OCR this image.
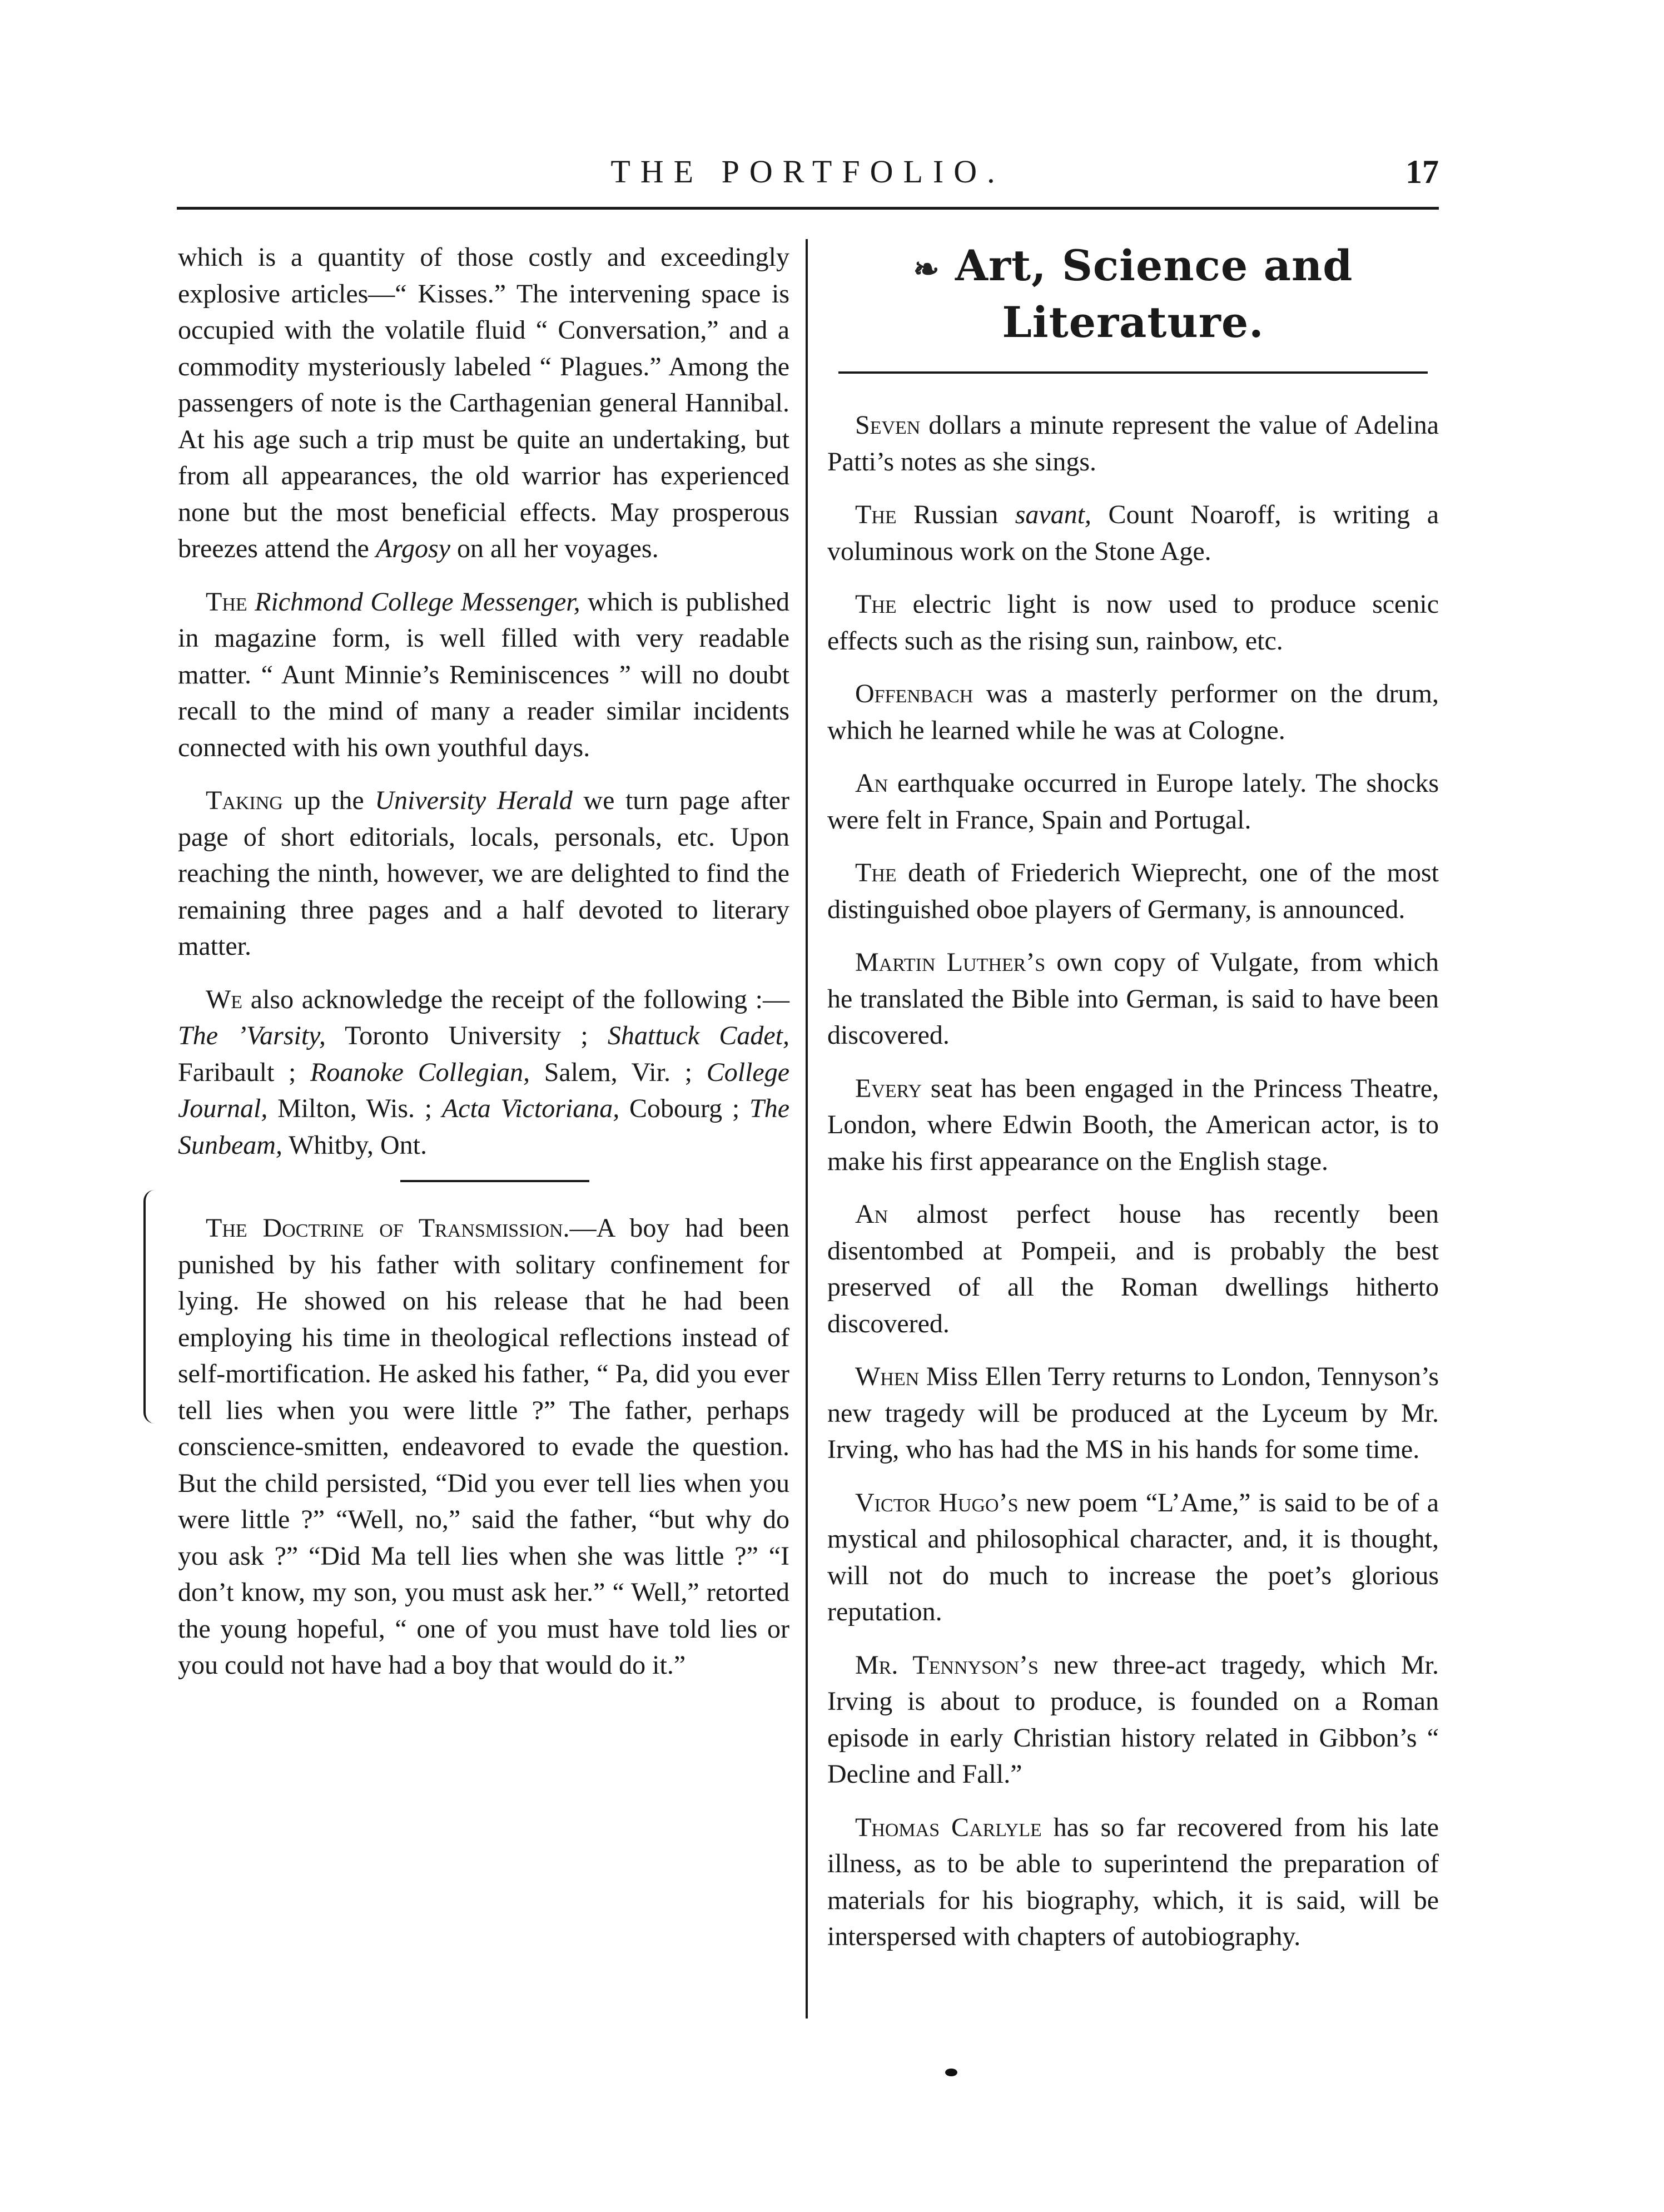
THE PORTFOLIO.	17

which is a quantity of those costly and exceedingly explosive articles—“ Kisses.” The intervening space is occupied with the volatile fluid “ Conversation,” and a commodity mysteriously labeled “ Plagues.” Among the passengers of note is the Carthagenian general Hannibal. At his age such a trip must be quite an undertaking, but from all appearances, the old warrior has experienced none but the most beneficial effects. May prosperous breezes attend the Argosy on all her voyages.

The Richmond College Messenger, which is published in magazine form, is well filled with very readable matter. “ Aunt Minnie’s Reminiscences ” will no doubt recall to the mind of many a reader similar incidents connected with his own youthful days.

Taking up the University Herald we turn page after page of short editorials, locals, personals, etc. Upon reaching the ninth, however, we are delighted to find the remaining three pages and a half devoted to literary matter.

We also acknowledge the receipt of the following :—The ’Varsity, Toronto University ; Shattuck Cadet, Faribault ; Roanoke Collegian, Salem, Vir. ; College Journal, Milton, Wis. ; Acta Victoriana, Cobourg ; The Sunbeam, Whitby, Ont.

The Doctrine of Transmission.—A boy had been punished by his father with solitary confinement for lying. He showed on his release that he had been employing his time in theological reflections instead of self-mortification. He asked his father, “ Pa, did you ever tell lies when you were little ?” The father, perhaps conscience-smitten, endeavored to evade the question. But the child persisted, “Did you ever tell lies when you were little ?” “Well, no,” said the father, “but why do you ask ?” “Did Ma tell lies when she was little ?” “I don’t know, my son, you must ask her.” “ Well,” retorted the young hopeful, “ one of you must have told lies or you could not have had a boy that would do it.”

❧ Art, Science and Literature.

Seven dollars a minute represent the value of Adelina Patti’s notes as she sings.

The Russian savant, Count Noaroff, is writing a voluminous work on the Stone Age.

The electric light is now used to produce scenic effects such as the rising sun, rainbow, etc.

Offenbach was a masterly performer on the drum, which he learned while he was at Cologne.

An earthquake occurred in Europe lately. The shocks were felt in France, Spain and Portugal.

The death of Friederich Wieprecht, one of the most distinguished oboe players of Germany, is announced.

Martin Luther’s own copy of Vulgate, from which he translated the Bible into German, is said to have been discovered.

Every seat has been engaged in the Princess Theatre, London, where Edwin Booth, the American actor, is to make his first appearance on the English stage.

An almost perfect house has recently been disentombed at Pompeii, and is probably the best preserved of all the Roman dwellings hitherto discovered.

When Miss Ellen Terry returns to London, Tennyson’s new tragedy will be produced at the Lyceum by Mr. Irving, who has had the MS in his hands for some time.

Victor Hugo’s new poem “L’Ame,” is said to be of a mystical and philosophical character, and, it is thought, will not do much to increase the poet’s glorious reputation.

Mr. Tennyson’s new three-act tragedy, which Mr. Irving is about to produce, is founded on a Roman episode in early Christian history related in Gibbon’s “ Decline and Fall.”

Thomas Carlyle has so far recovered from his late illness, as to be able to superintend the preparation of materials for his biography, which, it is said, will be interspersed with chapters of autobiography.
